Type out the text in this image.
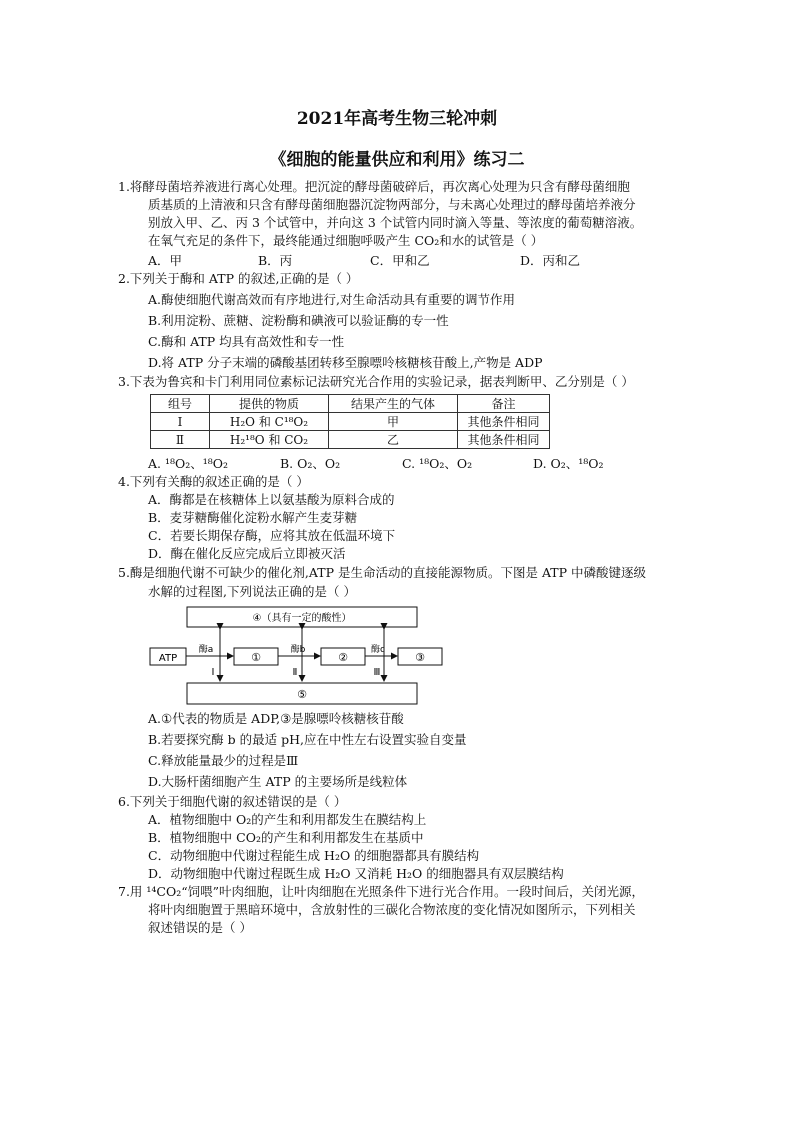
2021年高考生物三轮冲刺
《细胞的能量供应和利用》练习二
1.将酵母菌培养液进行离心处理。把沉淀的酵母菌破碎后，再次离心处理为只含有酵母菌细胞
质基质的上清液和只含有酵母菌细胞器沉淀物两部分，与未离心处理过的酵母菌培养液分
别放入甲、乙、丙 3 个试管中，并向这 3 个试管内同时滴入等量、等浓度的葡萄糖溶液。
在氧气充足的条件下，最终能通过细胞呼吸产生 CO₂和水的试管是（ ）
A．甲	B．丙	C．甲和乙	D．丙和乙
2.下列关于酶和 ATP 的叙述,正确的是（ ）
A.酶使细胞代谢高效而有序地进行,对生命活动具有重要的调节作用
B.利用淀粉、蔗糖、淀粉酶和碘液可以验证酶的专一性
C.酶和 ATP 均具有高效性和专一性
D.将 ATP 分子末端的磷酸基团转移至腺嘌呤核糖核苷酸上,产物是 ADP
3.下表为鲁宾和卡门利用同位素标记法研究光合作用的实验记录，据表判断甲、乙分别是（ ）
组号	提供的物质	结果产生的气体	备注
Ⅰ	H₂O 和 C¹⁸O₂	甲	其他条件相同
Ⅱ	H₂¹⁸O 和 CO₂	乙	其他条件相同
A. ¹⁸O₂、¹⁸O₂	B. O₂、O₂	C. ¹⁸O₂、O₂	D. O₂、¹⁸O₂
4.下列有关酶的叙述正确的是（ ）
A．酶都是在核糖体上以氨基酸为原料合成的
B．麦芽糖酶催化淀粉水解产生麦芽糖
C．若要长期保存酶，应将其放在低温环境下
D．酶在催化反应完成后立即被灭活
5.酶是细胞代谢不可缺少的催化剂,ATP 是生命活动的直接能源物质。下图是 ATP 中磷酸键逐级
水解的过程图,下列说法正确的是（ ）
④（具有一定的酸性）
⑤
ATP	①	②	③
酶a	酶b	酶c
Ⅰ	Ⅱ	Ⅲ
A.①代表的物质是 ADP,③是腺嘌呤核糖核苷酸
B.若要探究酶 b 的最适 pH,应在中性左右设置实验自变量
C.释放能量最少的过程是Ⅲ
D.大肠杆菌细胞产生 ATP 的主要场所是线粒体
6.下列关于细胞代谢的叙述错误的是（ ）
A．植物细胞中 O₂的产生和利用都发生在膜结构上
B．植物细胞中 CO₂的产生和利用都发生在基质中
C．动物细胞中代谢过程能生成 H₂O 的细胞器都具有膜结构
D．动物细胞中代谢过程既生成 H₂O 又消耗 H₂O 的细胞器具有双层膜结构
7.用 ¹⁴CO₂“饲喂”叶肉细胞，让叶肉细胞在光照条件下进行光合作用。一段时间后，关闭光源，
将叶肉细胞置于黑暗环境中，含放射性的三碳化合物浓度的变化情况如图所示，下列相关
叙述错误的是（ ）
